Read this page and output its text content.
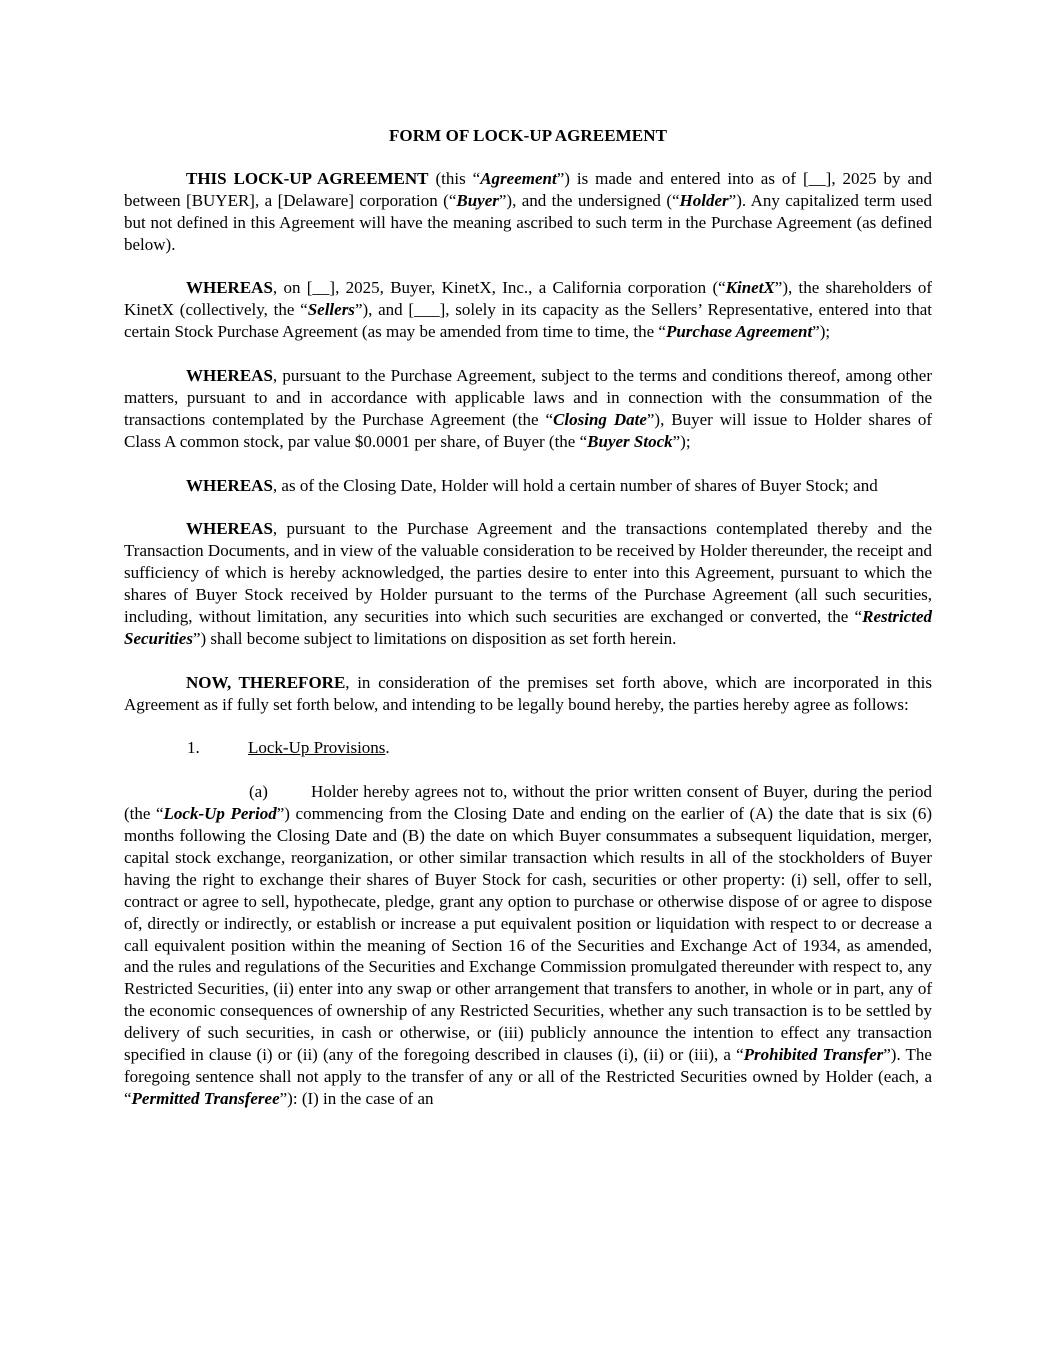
FORM OF LOCK-UP AGREEMENT

THIS LOCK-UP AGREEMENT (this “Agreement”) is made and entered into as of [__], 2025 by and between [BUYER], a [Delaware] corporation (“Buyer”), and the undersigned (“Holder”). Any capitalized term used but not defined in this Agreement will have the meaning ascribed to such term in the Purchase Agreement (as defined below).

WHEREAS, on [__], 2025, Buyer, KinetX, Inc., a California corporation (“KinetX”), the shareholders of KinetX (collectively, the “Sellers”), and [___], solely in its capacity as the Sellers’ Representative, entered into that certain Stock Purchase Agreement (as may be amended from time to time, the “Purchase Agreement”);

WHEREAS, pursuant to the Purchase Agreement, subject to the terms and conditions thereof, among other matters, pursuant to and in accordance with applicable laws and in connection with the consummation of the transactions contemplated by the Purchase Agreement (the “Closing Date”), Buyer will issue to Holder shares of Class A common stock, par value $0.0001 per share, of Buyer (the “Buyer Stock”);

WHEREAS, as of the Closing Date, Holder will hold a certain number of shares of Buyer Stock; and

WHEREAS, pursuant to the Purchase Agreement and the transactions contemplated thereby and the Transaction Documents, and in view of the valuable consideration to be received by Holder thereunder, the receipt and sufficiency of which is hereby acknowledged, the parties desire to enter into this Agreement, pursuant to which the shares of Buyer Stock received by Holder pursuant to the terms of the Purchase Agreement (all such securities, including, without limitation, any securities into which such securities are exchanged or converted, the “Restricted Securities”) shall become subject to limitations on disposition as set forth herein.

NOW, THEREFORE, in consideration of the premises set forth above, which are incorporated in this Agreement as if fully set forth below, and intending to be legally bound hereby, the parties hereby agree as follows:

1.	Lock-Up Provisions.

(a)	Holder hereby agrees not to, without the prior written consent of Buyer, during the period (the “Lock-Up Period”) commencing from the Closing Date and ending on the earlier of (A) the date that is six (6) months following the Closing Date and (B) the date on which Buyer consummates a subsequent liquidation, merger, capital stock exchange, reorganization, or other similar transaction which results in all of the stockholders of Buyer having the right to exchange their shares of Buyer Stock for cash, securities or other property: (i) sell, offer to sell, contract or agree to sell, hypothecate, pledge, grant any option to purchase or otherwise dispose of or agree to dispose of, directly or indirectly, or establish or increase a put equivalent position or liquidation with respect to or decrease a call equivalent position within the meaning of Section 16 of the Securities and Exchange Act of 1934, as amended, and the rules and regulations of the Securities and Exchange Commission promulgated thereunder with respect to, any Restricted Securities, (ii) enter into any swap or other arrangement that transfers to another, in whole or in part, any of the economic consequences of ownership of any Restricted Securities, whether any such transaction is to be settled by delivery of such securities, in cash or otherwise, or (iii) publicly announce the intention to effect any transaction specified in clause (i) or (ii) (any of the foregoing described in clauses (i), (ii) or (iii), a “Prohibited Transfer”). The foregoing sentence shall not apply to the transfer of any or all of the Restricted Securities owned by Holder (each, a “Permitted Transferee”): (I) in the case of an
